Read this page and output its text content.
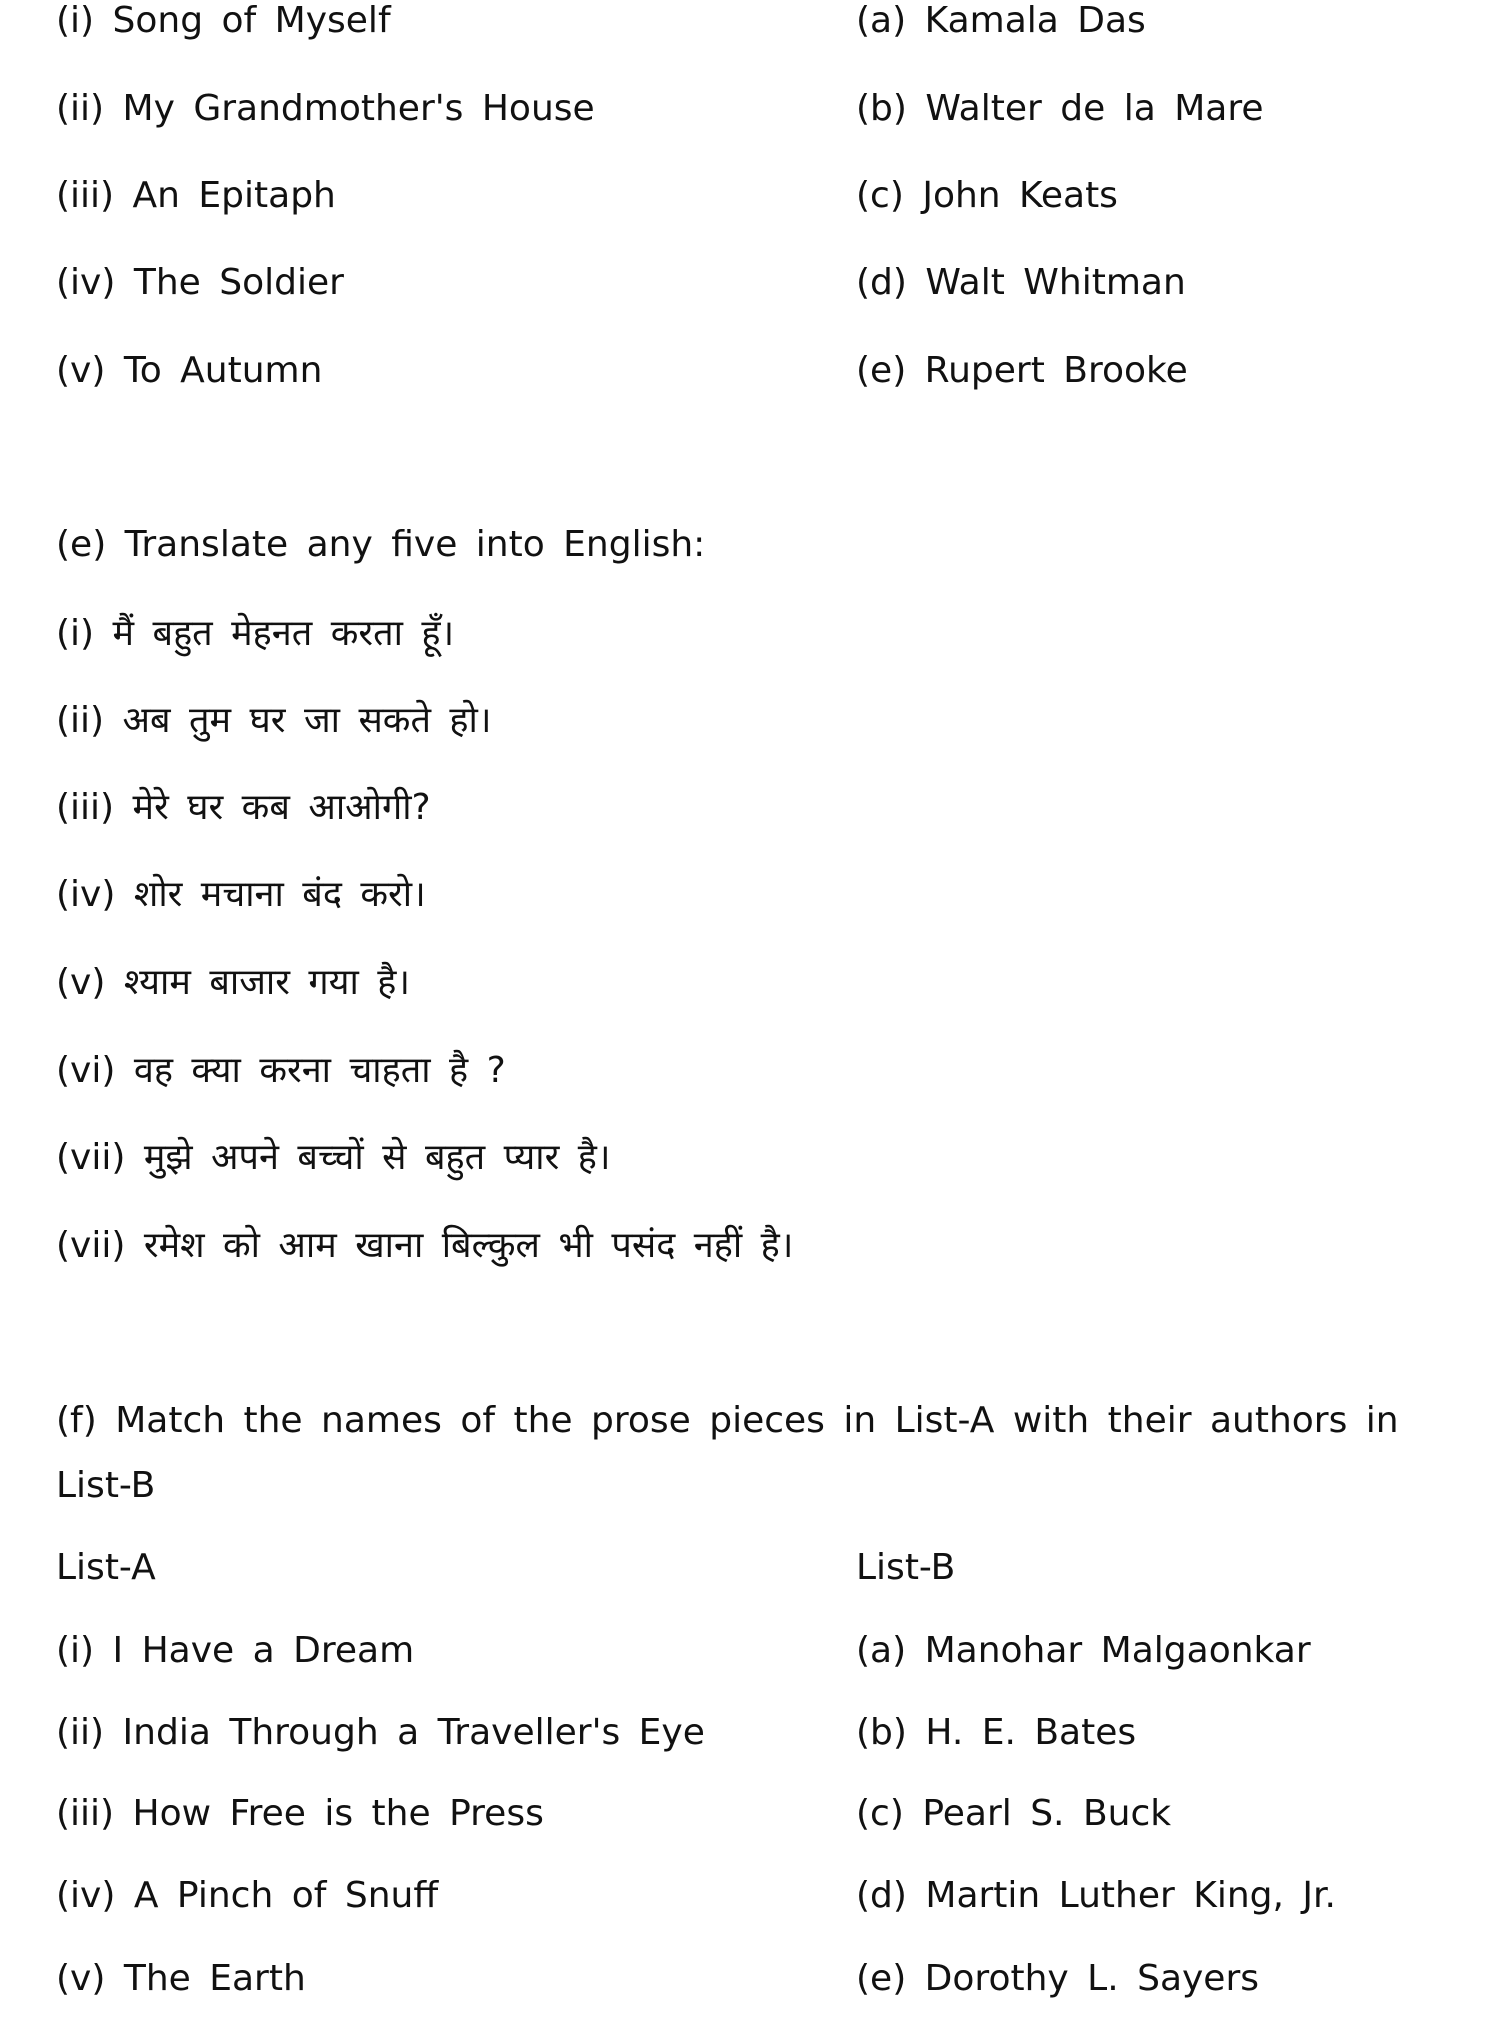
(i) Song of Myself	(a) Kamala Das
(ii) My Grandmother's House	(b) Walter de la Mare
(iii) An Epitaph	(c) John Keats
(iv) The Soldier	(d) Walt Whitman
(v) To Autumn	(e) Rupert Brooke
(e) Translate any five into English:
(i) मैं बहुत मेहनत करता हूँ।
(ii) अब तुम घर जा सकते हो।
(iii) मेरे घर कब आओगी?
(iv) शोर मचाना बंद करो।
(v) श्याम बाजार गया है।
(vi) वह क्या करना चाहता है ?
(vii) मुझे अपने बच्चों से बहुत प्यार है।
(vii) रमेश को आम खाना बिल्कुल भी पसंद नहीं है।
(f) Match the names of the prose pieces in List-A with their authors in
List-B
List-A	List-B
(i) I Have a Dream	(a) Manohar Malgaonkar
(ii) India Through a Traveller's Eye	(b) H. E. Bates
(iii) How Free is the Press	(c) Pearl S. Buck
(iv) A Pinch of Snuff	(d) Martin Luther King, Jr.
(v) The Earth	(e) Dorothy L. Sayers
